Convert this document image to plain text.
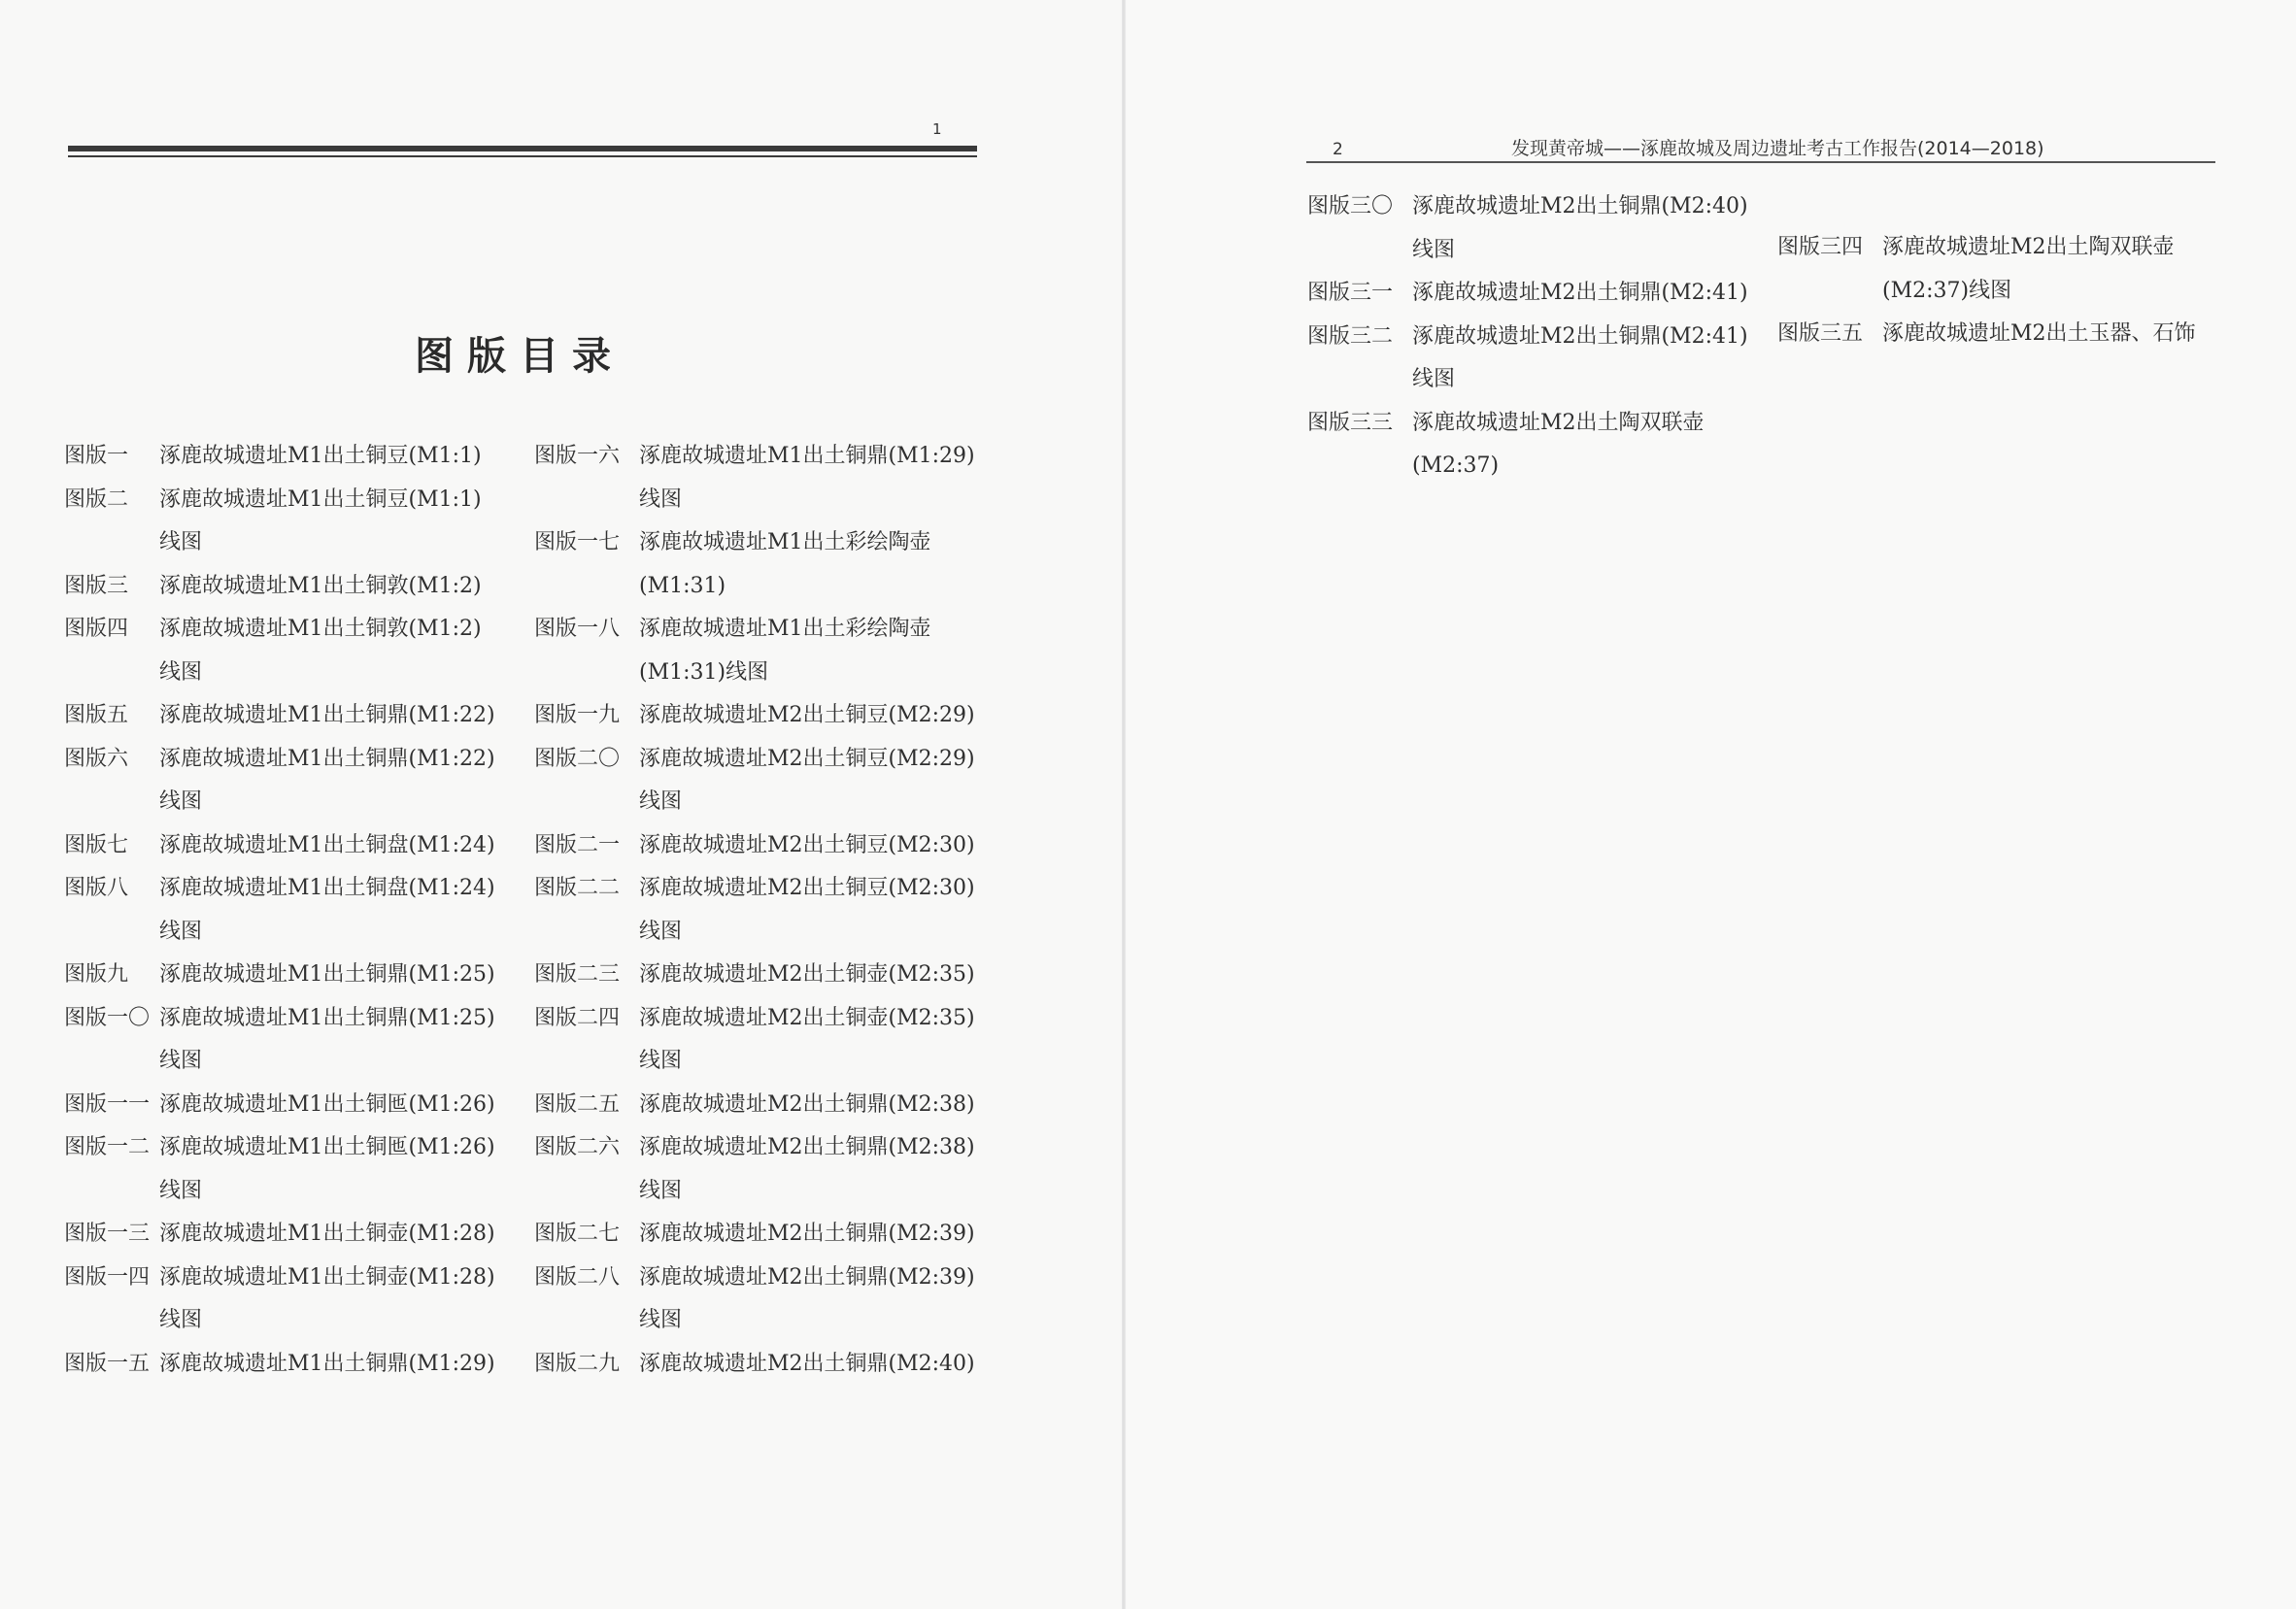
1
图版目录
图版一 涿鹿故城遗址M1出土铜豆(M1:1)
图版二 涿鹿故城遗址M1出土铜豆(M1:1)
线图
图版三 涿鹿故城遗址M1出土铜敦(M1:2)
图版四 涿鹿故城遗址M1出土铜敦(M1:2)
线图
图版五 涿鹿故城遗址M1出土铜鼎(M1:22)
图版六 涿鹿故城遗址M1出土铜鼎(M1:22)
线图
图版七 涿鹿故城遗址M1出土铜盘(M1:24)
图版八 涿鹿故城遗址M1出土铜盘(M1:24)
线图
图版九 涿鹿故城遗址M1出土铜鼎(M1:25)
图版一〇 涿鹿故城遗址M1出土铜鼎(M1:25)
线图
图版一一 涿鹿故城遗址M1出土铜匜(M1:26)
图版一二 涿鹿故城遗址M1出土铜匜(M1:26)
线图
图版一三 涿鹿故城遗址M1出土铜壶(M1:28)
图版一四 涿鹿故城遗址M1出土铜壶(M1:28)
线图
图版一五 涿鹿故城遗址M1出土铜鼎(M1:29)
图版一六 涿鹿故城遗址M1出土铜鼎(M1:29)
线图
图版一七 涿鹿故城遗址M1出土彩绘陶壶
(M1:31)
图版一八 涿鹿故城遗址M1出土彩绘陶壶
(M1:31)线图
图版一九 涿鹿故城遗址M2出土铜豆(M2:29)
图版二〇 涿鹿故城遗址M2出土铜豆(M2:29)
线图
图版二一 涿鹿故城遗址M2出土铜豆(M2:30)
图版二二 涿鹿故城遗址M2出土铜豆(M2:30)
线图
图版二三 涿鹿故城遗址M2出土铜壶(M2:35)
图版二四 涿鹿故城遗址M2出土铜壶(M2:35)
线图
图版二五 涿鹿故城遗址M2出土铜鼎(M2:38)
图版二六 涿鹿故城遗址M2出土铜鼎(M2:38)
线图
图版二七 涿鹿故城遗址M2出土铜鼎(M2:39)
图版二八 涿鹿故城遗址M2出土铜鼎(M2:39)
线图
图版二九 涿鹿故城遗址M2出土铜鼎(M2:40)
2	发现黄帝城——涿鹿故城及周边遗址考古工作报告(2014—2018)
图版三〇 涿鹿故城遗址M2出土铜鼎(M2:40)
线图
图版三一 涿鹿故城遗址M2出土铜鼎(M2:41)
图版三二 涿鹿故城遗址M2出土铜鼎(M2:41)
线图
图版三三 涿鹿故城遗址M2出土陶双联壶
(M2:37)
图版三四 涿鹿故城遗址M2出土陶双联壶
(M2:37)线图
图版三五 涿鹿故城遗址M2出土玉器、石饰
